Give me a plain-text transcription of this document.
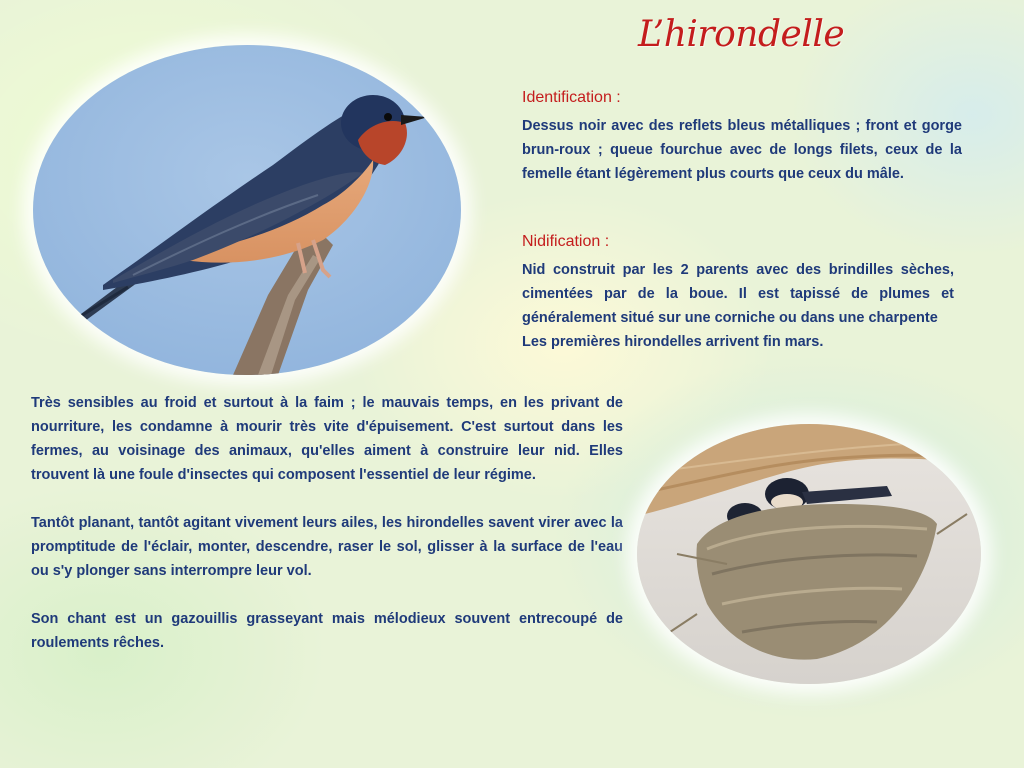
L’hirondelle
Identification :

Dessus noir avec des reflets bleus métalliques ; front et gorge brun-roux ; queue fourchue avec de longs filets, ceux de la femelle étant légèrement plus courts que ceux du mâle.

Nidification :

Nid construit par les 2 parents avec des brindilles sèches, cimentées par de la boue. Il est tapissé de plumes et généralement situé sur une corniche ou dans une charpente

Les premières hirondelles arrivent fin mars.

Très sensibles au froid et surtout à la faim ; le mauvais temps, en les privant de nourriture, les condamne à mourir très vite d'épuisement. C'est surtout dans les fermes, au voisinage des animaux, qu'elles aiment à construire leur nid. Elles trouvent là une foule d'insectes qui composent l'essentiel de leur régime.

Tantôt planant, tantôt agitant vivement leurs ailes, les hirondelles savent virer avec la promptitude de l'éclair, monter, descendre, raser le sol, glisser à la surface de l'eau ou s'y plonger sans interrompre leur vol.

Son chant est un gazouillis grasseyant mais mélodieux souvent entrecoupé de roulements rêches.
